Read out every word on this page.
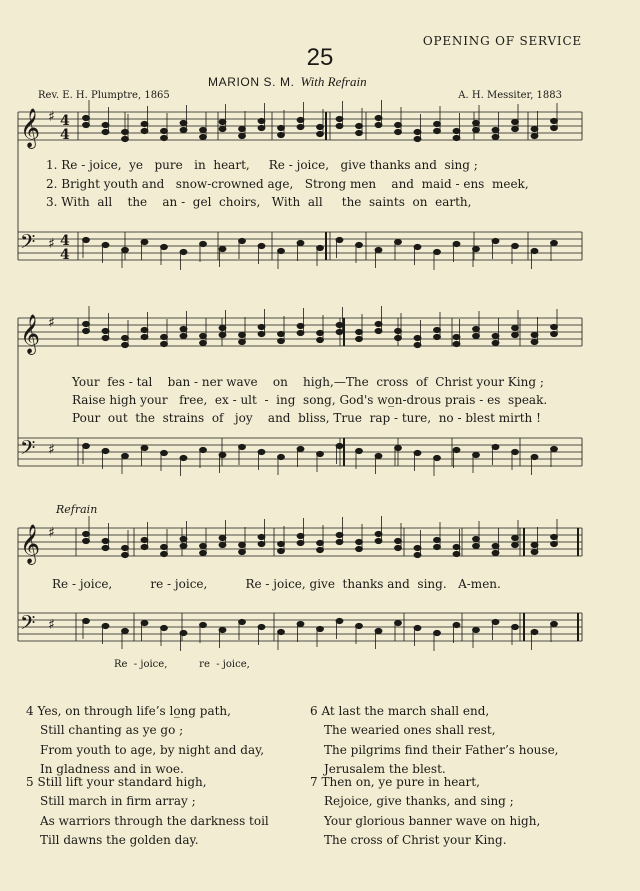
OPENING OF SERVICE
25
MARION S. M. With Refrain
Rev. E. H. Plumptre, 1865	A. H. Messiter, 1883
𝄞 ♯ 4
4
𝄢 ♯ 4
4
𝄞 ♯
𝄢 ♯
𝄞 ♯
𝄢 ♯
1. Re - joice,  ye   pure   in  heart,     Re - joice,   give thanks and  sing ;
2. Bright youth and   snow-crowned age,   Strong men    and  maid - ens  meek,
3. With  all    the    an -  gel  choirs,   With  all     the  saints  on  earth,
Your  fes - tal    ban - ner wave    on    high,—The  cross  of  Christ your King ;
Raise high your   free,  ex - ult  -  ing  song, God's wo̲n-drous prais - es  speak.
Pour  out  the  strains  of   joy    and  bliss, True  rap - ture,  no - blest mirth !
Refrain
Re - joice,          re - joice,          Re - joice, give  thanks and  sing.   A-men.
Re  - joice,          re  - joice,
4 Yes, on through life’s lo̲ng path,
Still chanting as ye go ;
From youth to age, by night and day,
In gladness and in woe.
5 Still lift your standard high,
Still march in firm array ;
As warriors through the darkness toil
Till dawns the golden day.
6 At last the march shall end,
The wearied ones shall rest,
The pilgrims find their Father’s house,
Jerusalem the blest.
7 Then on, ye pure in heart,
Rejoice, give thanks, and sing ;
Your glorious banner wave on high,
The cross of Christ your King.
